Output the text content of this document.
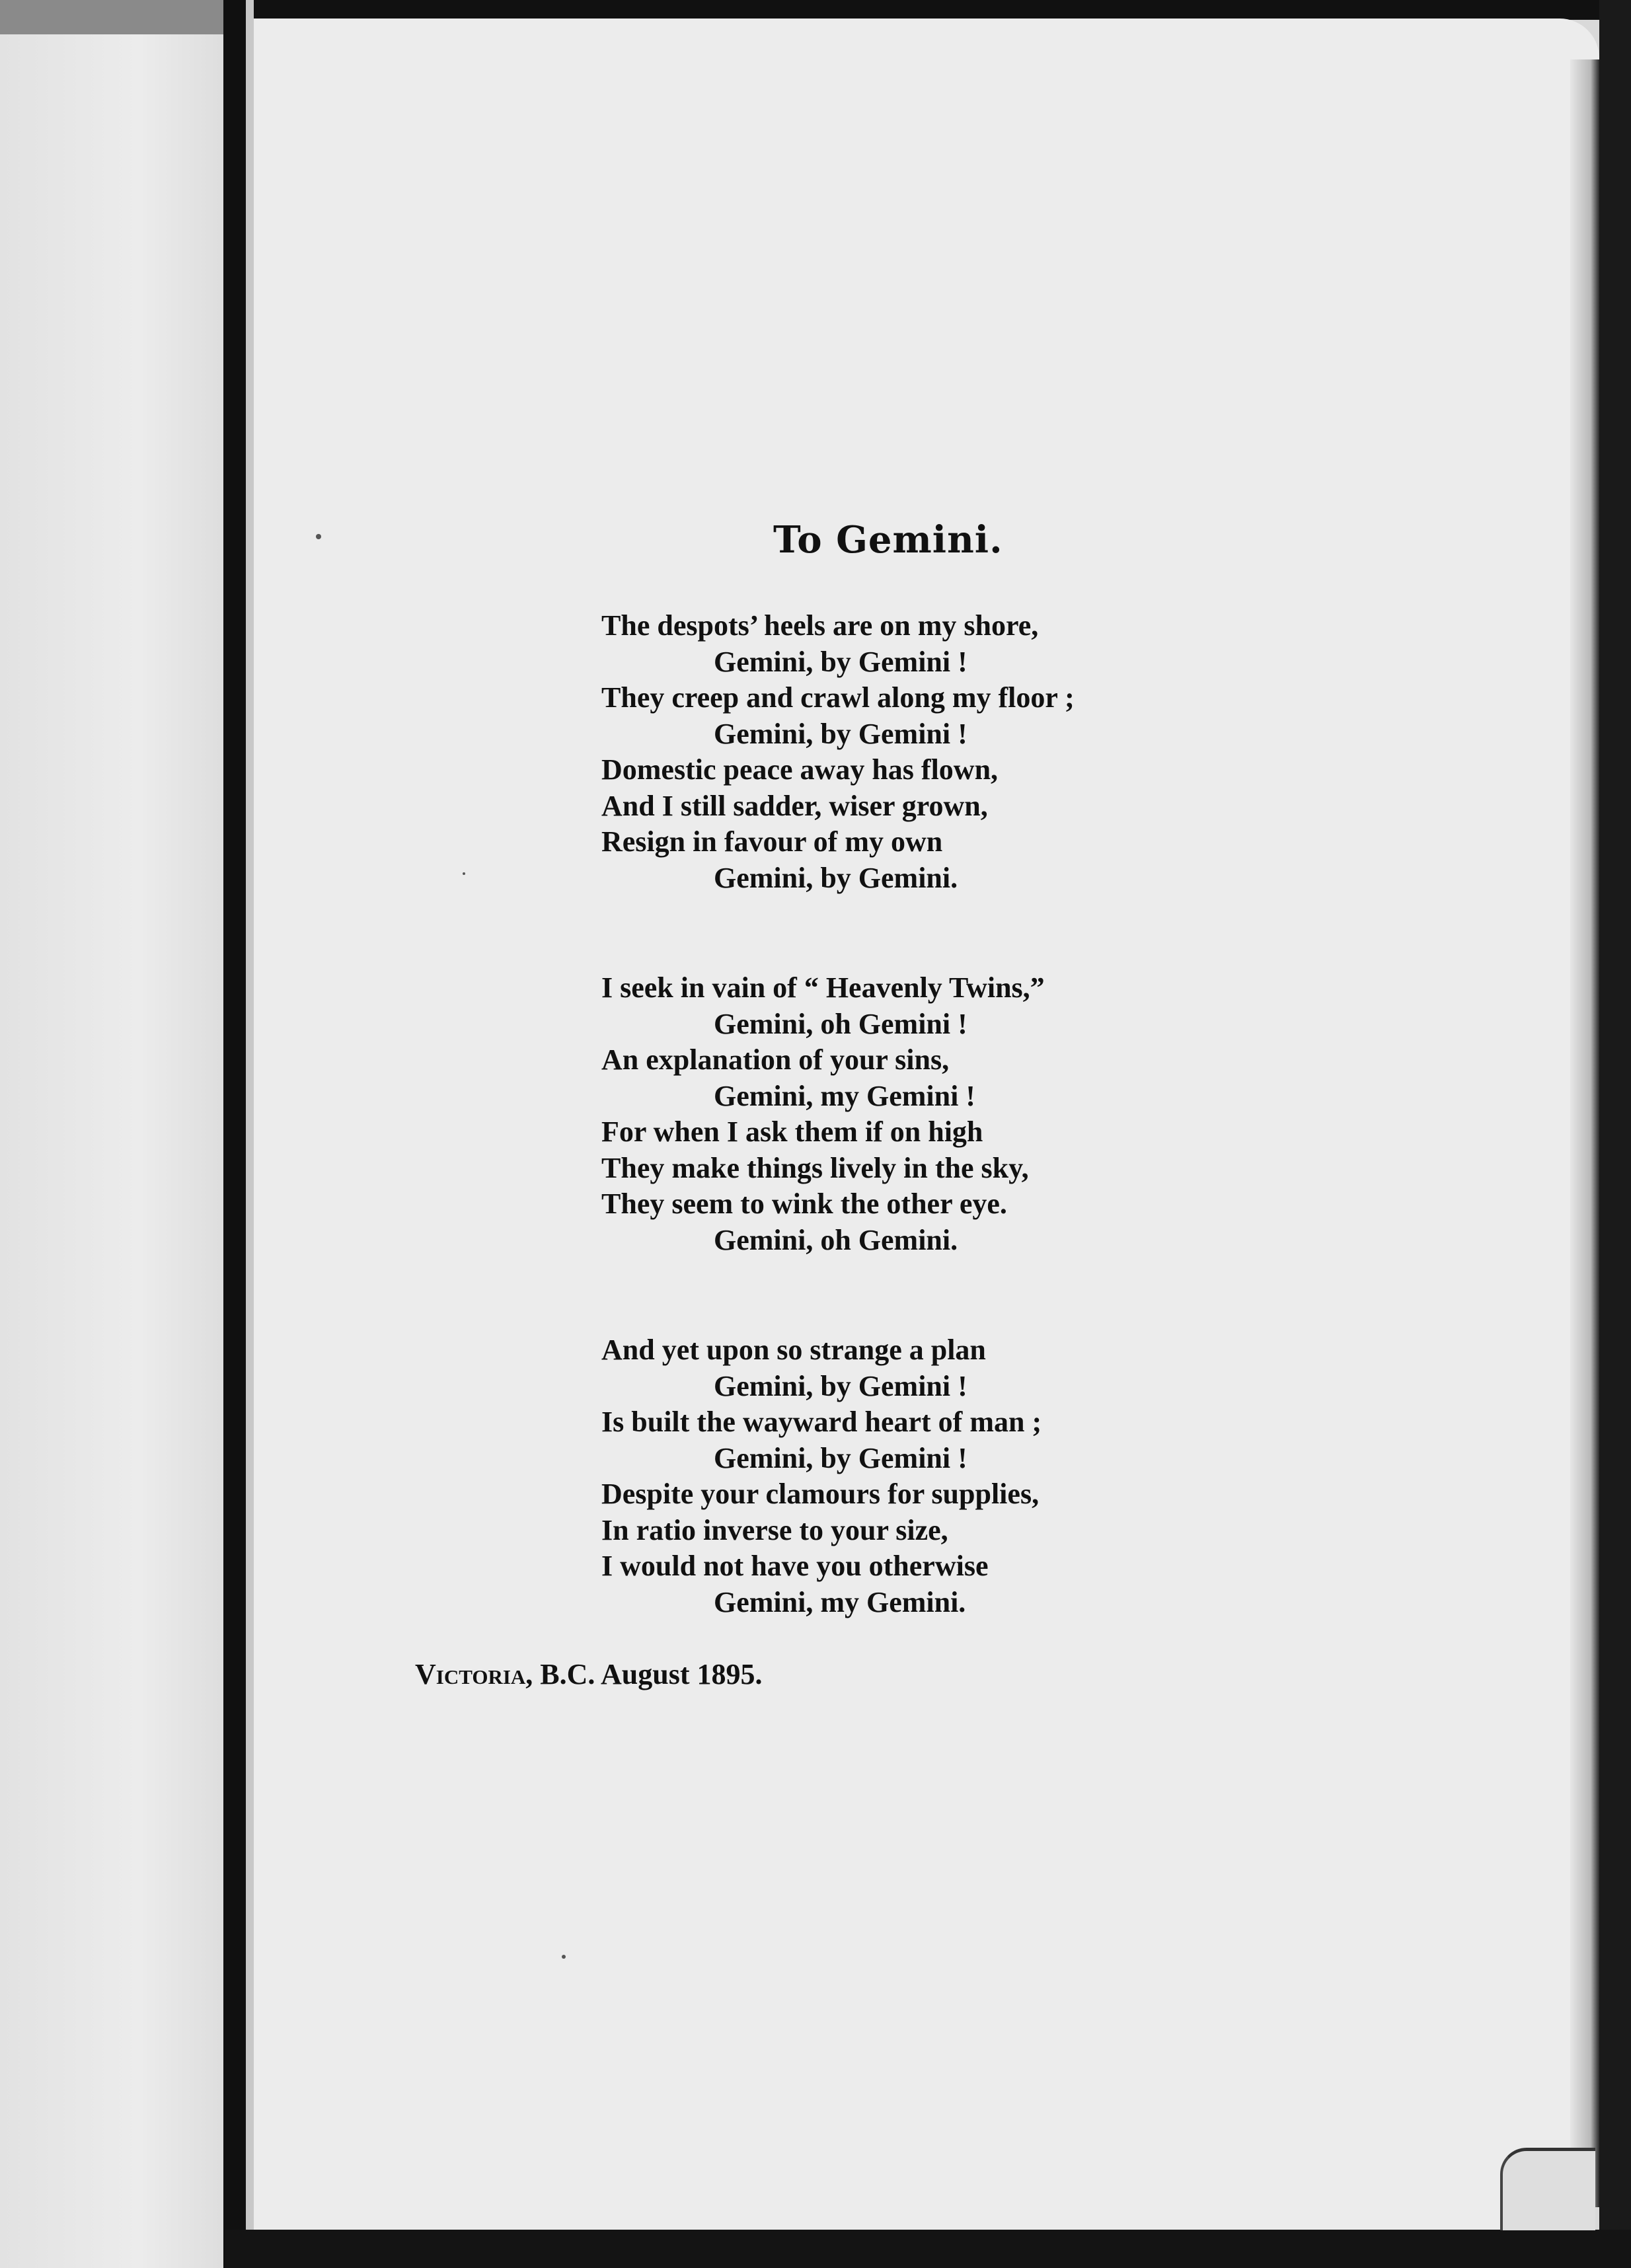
To Gemini.
The despots’ heels are on my shore,
Gemini, by Gemini !
They creep and crawl along my floor ;
Gemini, by Gemini !
Domestic peace away has flown,
And I still sadder, wiser grown,
Resign in favour of my own
Gemini, by Gemini.
I seek in vain of “ Heavenly Twins,”
Gemini, oh Gemini !
An explanation of your sins,
Gemini, my Gemini !
For when I ask them if on high
They make things lively in the sky,
They seem to wink the other eye.
Gemini, oh Gemini.
And yet upon so strange a plan
Gemini, by Gemini !
Is built the wayward heart of man ;
Gemini, by Gemini !
Despite your clamours for supplies,
In ratio inverse to your size,
I would not have you otherwise
Gemini, my Gemini.
Victoria, B.C. August 1895.
